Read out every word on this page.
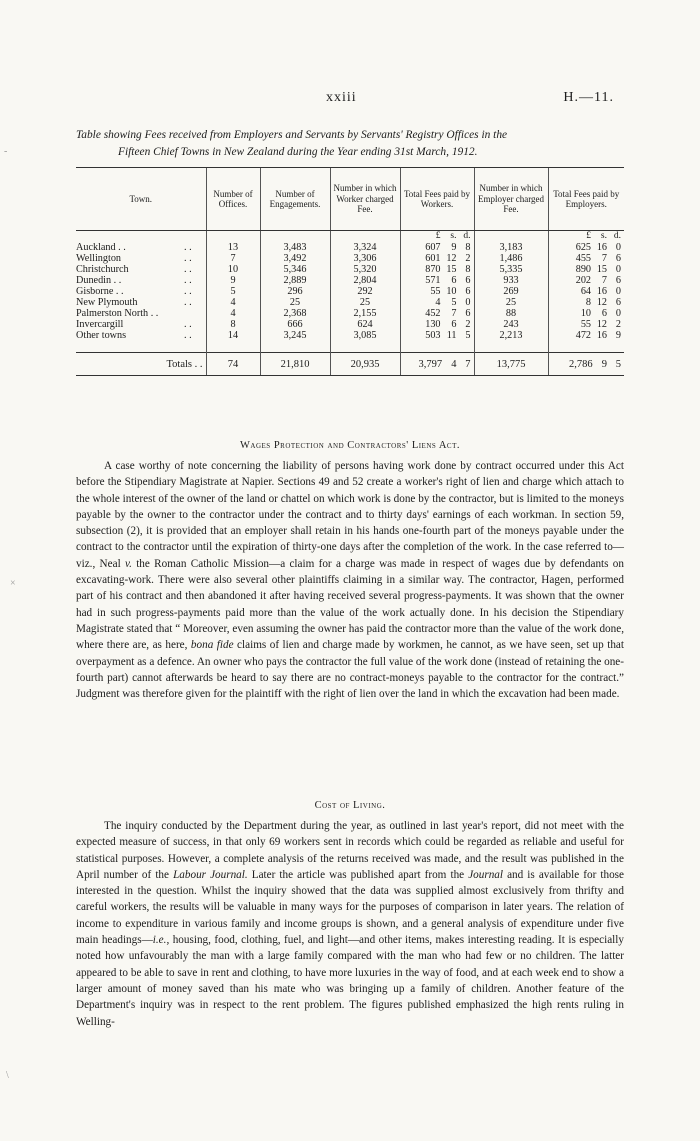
xxiii	H.—11.
Table showing Fees received from Employers and Servants by Servants' Registry Offices in the
Fifteen Chief Towns in New Zealand during the Year ending 31st March, 1912.
Town.	Number of Offices.	Number of Engagements.	Number in which Worker charged Fee.	Total Fees paid by Workers.	Number in which Employer charged Fee.	Total Fees paid by Employers.
				£ s. d.		£ s. d.
Auckland . . . .	13	3,483	3,324	607 9 8	3,183	625 16 0
Wellington . .	7	3,492	3,306	601 12 2	1,486	455 7 6
Christchurch . .	10	5,346	5,320	870 15 8	5,335	890 15 0
Dunedin . . . .	9	2,889	2,804	571 6 6	933	202 7 6
Gisborne . . . .	5	296	292	55 10 6	269	64 16 0
New Plymouth . .	4	25	25	4 5 0	25	8 12 6
Palmerston North . .	4	2,368	2,155	452 7 6	88	10 6 0
Invercargill . .	8	666	624	130 6 2	243	55 12 2
Other towns . .	14	3,245	3,085	503 11 5	2,213	472 16 9

Totals . .	74	21,810	20,935	3,797 4 7	13,775	2,786 9 5
Wages Protection and Contractors' Liens Act.

A case worthy of note concerning the liability of persons having work done by contract occurred under this Act before the Stipendiary Magistrate at Napier. Sections 49 and 52 create a worker's right of lien and charge which attach to the whole interest of the owner of the land or chattel on which work is done by the contractor, but is limited to the moneys payable by the owner to the contractor under the contract and to thirty days' earnings of each workman. In section 59, subsection (2), it is provided that an employer shall retain in his hands one-fourth part of the moneys payable under the contract to the contractor until the expiration of thirty-one days after the completion of the work. In the case referred to—viz., Neal v. the Roman Catholic Mission—a claim for a charge was made in respect of wages due by defendants on excavating-work. There were also several other plaintiffs claiming in a similar way. The contractor, Hagen, performed part of his contract and then abandoned it after having received several progress-payments. It was shown that the owner had in such progress-payments paid more than the value of the work actually done. In his decision the Stipendiary Magistrate stated that “ Moreover, even assuming the owner has paid the contractor more than the value of the work done, where there are, as here, bona fide claims of lien and charge made by workmen, he cannot, as we have seen, set up that overpayment as a defence. An owner who pays the contractor the full value of the work done (instead of retaining the one-fourth part) cannot afterwards be heard to say there are no contract-moneys payable to the contractor for the contract.” Judgment was therefore given for the plaintiff with the right of lien over the land in which the excavation had been made.

Cost of Living.

The inquiry conducted by the Department during the year, as outlined in last year's report, did not meet with the expected measure of success, in that only 69 workers sent in records which could be regarded as reliable and useful for statistical purposes. However, a complete analysis of the returns received was made, and the result was published in the April number of the Labour Journal. Later the article was published apart from the Journal and is available for those interested in the question. Whilst the inquiry showed that the data was supplied almost exclusively from thrifty and careful workers, the results will be valuable in many ways for the purposes of comparison in later years. The relation of income to expenditure in various family and income groups is shown, and a general analysis of expenditure under five main headings—i.e., housing, food, clothing, fuel, and light—and other items, makes interesting reading. It is especially noted how unfavourably the man with a large family compared with the man who had few or no children. The latter appeared to be able to save in rent and clothing, to have more luxuries in the way of food, and at each week end to show a larger amount of money saved than his mate who was bringing up a family of children. Another feature of the Department's inquiry was in respect to the rent problem. The figures published emphasized the high rents ruling in Welling-

-
×
\
